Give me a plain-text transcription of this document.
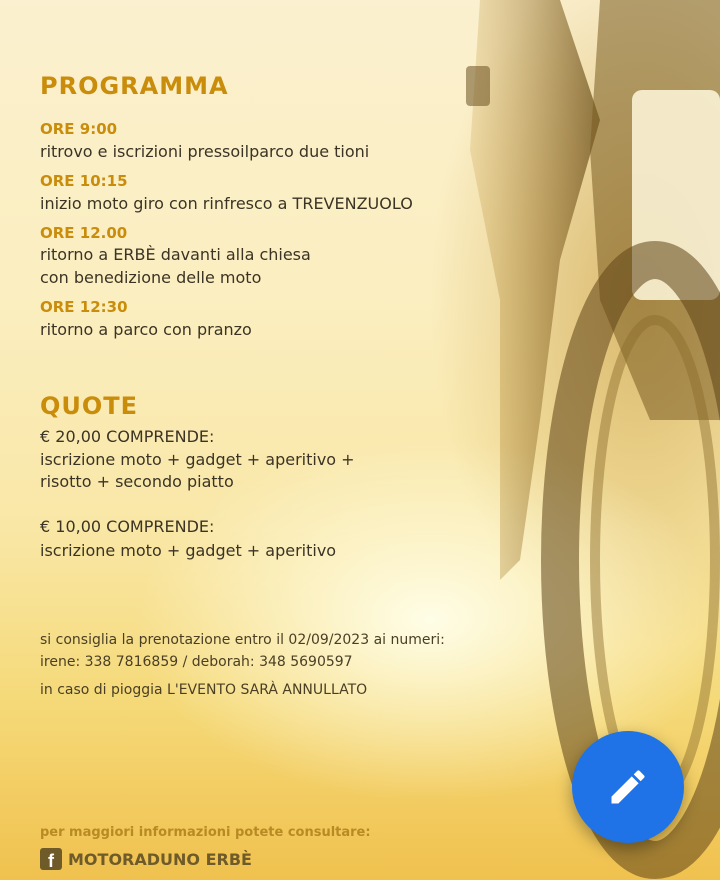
PROGRAMMA
ORE 9:00
ritrovo e iscrizioni pressoilparco due tioni
ORE 10:15
inizio moto giro con rinfresco a TREVENZUOLO
ORE 12.00
ritorno a ERBÈ davanti alla chiesa
con benedizione delle moto
ORE 12:30
ritorno a parco con pranzo
QUOTE
€ 20,00 COMPRENDE:
iscrizione moto + gadget + aperitivo +
risotto + secondo piatto
€ 10,00 COMPRENDE:
iscrizione moto + gadget + aperitivo
si consiglia la prenotazione entro il 02/09/2023 ai numeri:
irene: 338 7816859 / deborah: 348 5690597
in caso di pioggia L'EVENTO SARÀ ANNULLATO
per maggiori informazioni potete consultare:
f MOTORADUNO ERBÈ
